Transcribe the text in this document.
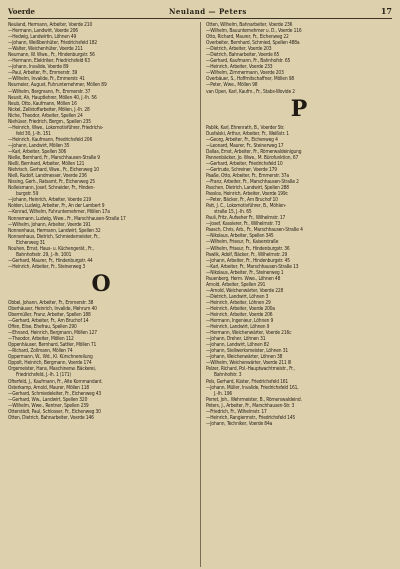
Voerde	Neuland — Peters	17
Neuland, Hermann, Arbeiter, Voerde 210
—Hermann, Landwirt, Voerde 206
—Hedwig, Landwirtin, Löhnen 49
—Johann, Weißbenhüter, Friedrichsfeld 182
—Walter, Weichenhüter, Voerde 211
Neumann, W. Wwe., Fr., Hindenburgstr. 56
—Hermann, Elektriker, Friedrichsfeld 63
—Johann, Invalide, Voerde 89
—Paul, Arbeiter, Fr., Emmerstr. 39
—Wilhelm, Invalide, Fr., Emmerstr. 41
Neumeier, August, Fuhrunternehmer, Möllen 89
—Wilhelm, Bergmann, Fr., Emmerstr. 37
Neusit, Ah, Hauptlehrer, Möllen 40, J.-Ih. 56
Neub, Otto, Kaufmann, Möllen 16
Nickel, Zellstoffarbeiter, Möllen, J.-Ih. 28
Niche, Theodor, Arbeiter, Spellen 24
Niehüser, Friedrich, Bergm., Spellen 235
—Heinrich, Wwe., Lokomotivführer, Friedrichs-
feld 30, J.-Ih. 151
—Heinrich, Kaufmann, Friedrichsfeld 206
—Johann, Landwirt, Möllen 35
—Karl, Arbeiter, Spellen 306
Nieße, Bernhard, Fr., Marschhausen-Straße 9
Nießl, Bernhard, Arbeiter, Möllen 121
Niehrisch, Gerhard, Wwe., Fr., Eichenweg 10
Nieß, Rudolf, Landmesser, Voerde 236
Nissing, Gerh., Ratsamt, Fr., Eichenweg 25
Nolleismann, Josef, Schneider, Fr., Hinden-
burgstr. 59
—Johann, Heinrich, Arbeiter, Voerde 219
Nolden, Ludwig, Arbeiter, Fr., An der Lambert 9
—Konrad, Wilhelm, Fuhrunternehmer, Möllen 17a
Nonnemann, Ludwig, Wwe., Fr., Marschhausen-Straße 17
—Wilhelm, Johann, Arbeiter, Voerde 191
Nonnenhaus, Hermann, Landwirt, Spellen 32
Nonnenhaus, Dietrich, Schmiedemeister, Fr.,
Eichenweg 31
Nouhen, Ernst, Haus- u. Küchengerät., Fr.,
Bahnhofsstr. 29, J.-Ih. 1001
—Gerhard, Maurer, Fr., Hindenburgstr. 44
—Heinrich, Arbeiter, Fr., Steinerweg 3
O
Obbel, Johann, Arbeiter, Fr., Emmerstr. 38
Oberhäuser, Heinrich, Invalide, Mehrum 40
Obermüller, Franz, Arbeiter, Spellen 188
—Gerhard, Arbeiter, Fr., Am Bruchof 14
Offen, Elise, Ehefrau, Spellen 290
—Ehnand, Heinrich, Bergmann, Möllen 127
—Theodor, Arbeiter, Möllen 112
Oppenhäuser, Bernhard, Sattler, Möllen 71
—Richard, Zollmann, Möllen 74
Oppermann, W., Wd., Kl. Kürschnereilung
Oppolt, Heinrich, Bergmann, Voerde 174
Orgemeister, Hans, Maschinenw. Bäckerei,
Friedrichsfeld, J.-Ih. 1 (171)
Ofterfeld, J., Kaufmann, Fr., Alte Kommandant.
Osterkamp, Arnold, Maurer, Möllen 118
—Gerhard, Schmiedeleiter, Fr., Eichenweg 43
—Gerhard, Ww., Landwirt, Spellen 320
—Wilhelm, Wwe., Rentner, Spellen 239
Otterstädt, Paul, Schlosser, Fr., Eichenweg 30
Otten, Dietrich, Bahnarbeiter, Voerde 146
Otten, Wilhelm, Bahnarbeiter, Voerde 236
—Wilhelm, Bauunternehmer u. D., Voerde 116
Otto, Richard, Maurer, Fr., Eichenweg 22
Overbeiter, Bernhard, Schmied, Spellen 488a
—Dietrich, Arbeiter, Voerde 203
—Dietrich, Bahnarbeiter, Voerde 65
—Gerhard, Kaufmann, Fr., Bahnhofstr. 65
—Heinrich, Arbeiter, Voerde 233
—Wilhelm, Zimmermann, Voerde 203
Overbäuer, S., Hoffmitschaffner, Möllen 98
—Peter, Wwe., Möllen 98
van Open, Karl, Kaufm., Fr., Stabs-Wovide 2
P
Pablik, Karl, Ehrenrath, B., Voerder Str.
Dusfalski, Arthur, Arbeiter, Fr., Weißstr. 1
—Georg, Arbeiter, Fr., Eichenweg 4
—Leonard, Maurer, Fr., Steinerweg 17
Dallas, Ernst, Arbeiter, Fr., Römerwaldeinigung
Pannenbäcker, Jo. Wwe., M. Bürofunktion, 67
—Gerhard, Arbeiter, Friedrichsfeld 10
—Gertrude, Schreiner, Voerde 179
Paaße, Otto, Arbeiter, Fr., Emmerstr. 37a
—Franz, Arbeiter, Fr., Marschhausen-Straße 2
Paschen, Dietrich, Landwirt, Spellen 288
Passlos, Heinrich, Arbeiter, Voerde 199c
—Peter, Bäcker, Fr., Am Bruchof 10
Patt, J. C., Lokomotivführer, B., Möhlen-
straße 15, J.-Ih. 65
Pauli, Fritz, Aufseher Fr., Wilhelmstr. 17
—Josef, Kassierer, Fr., Wilhelmstr. 73
Paasch, Chris, Arb., Fr., Marschhausen-Straße 4
—Nikolaus, Arbeiter, Spellen 345
—Wilhelm, Friseur, Fr., Kaiserstraße
—Wilhelm, Friseur, Fr., Hindenburgstr. 36
Pawlik, Adolf, Bäcker, Fr., Wilhelmstr. 29
—Johann, Arbeiter, Fr., Hindenburgstr. 45
—Karl, Arbeiter, Fr., Marschhausen-Straße 13
—Nikolaus, Arbeiter, Fr., Steinerweg 1
Pauenberg, Herm. Wwe., Löhnen 48
Arnold, Arbeiter, Spellen 291
—Arnold, Weichenwärter, Voerde 228
—Dietrich, Landwirt, Löhnen 3
—Heinrich, Arbeiter, Löhnen 29
—Heinrich, Arbeiter, Voerde 200a
—Heinrich, Arbeiter, Voerde 206
—Hermann, Ingenieur, Löhnen 9
—Heinrich, Landwirt, Löhnen 9
—Hermann, Weichenwärter, Voerde 216c
—Johann, Dreher, Löhnen 31
—Johann, Landwirt, Löhnen 82
—Johann, Stellwerksmeister, Löhnen 31
—Johann, Weichenwärter, Löhnen 38
—Wilhelm, Weichenwärter, Voerde 211 III
Pelzer, Richard, Pol.-Hauptwachtmeistr., Fr.,
Bahnhofstr. 3
Pels, Gerhard, Küster, Friedrichsfeld 161
—Johann, Müller, Invalide, Friedrichsfeld 161,
J.-Ih. 196
Perret, Joh., Wehrmeister, B., Römerswaldeind.
Peters, J., Arbeiter, Fr., Marschhausen-Str. 3
—Friedrich, Fr., Wilhelmstr. 17
—Heinrich, Rangiermstr., Friedrichsfeld 145
—Johann, Techniker, Voerde 84a
